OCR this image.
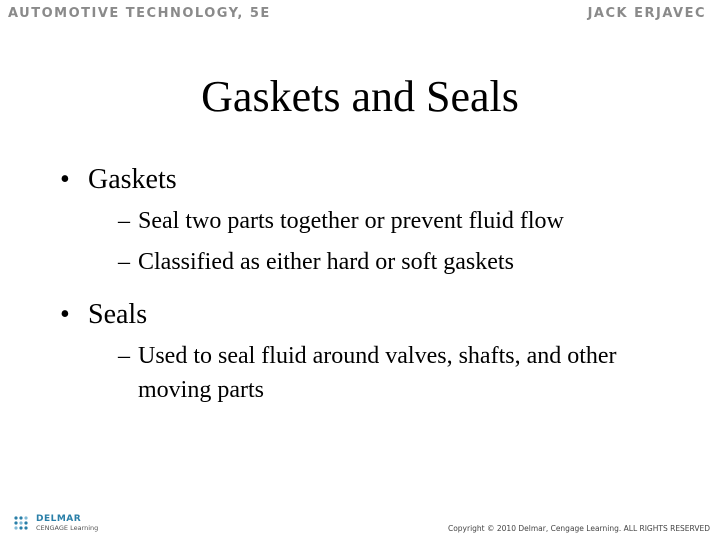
AUTOMOTIVE TECHNOLOGY, 5E	JACK ERJAVEC
Gaskets and Seals
• Gaskets
– Seal two parts together or prevent fluid flow
– Classified as either hard or soft gaskets
• Seals
– Used to seal fluid around valves, shafts, and other moving parts
DELMAR
CENGAGE Learning	Copyright © 2010 Delmar, Cengage Learning. ALL RIGHTS RESERVED
